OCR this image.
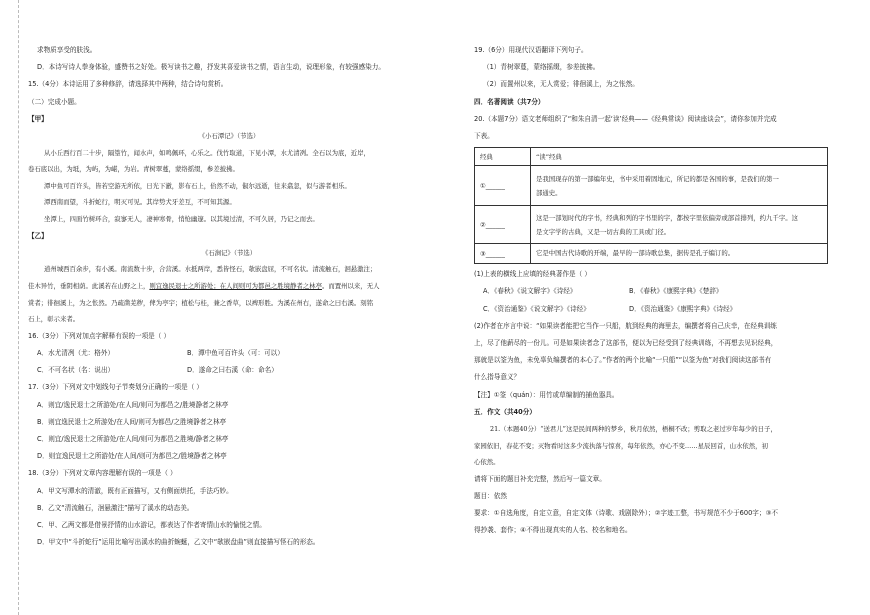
求物质享受的肤浅。
D．本诗写诗人拳身体验，盛赞书之好处。极写读书之趣，抒发其喜爱读书之情，语言生动，说理形象，有较强感染力。
15.（4分）本诗运用了多种修辞，请选择其中两种，结合诗句赏析。
（二）完成小题。
【甲】
《小石潭记》（节选）
从小丘西行百二十步，隔篁竹，闻水声，如鸣佩环，心乐之。伐竹取道，下见小潭，水尤清冽。全石以为底，近岸，
卷石底以出，为坻，为屿，为嵁，为岩。青树翠蔓，蒙络摇缀，参差披拂。
潭中鱼可百许头，皆若空游无所依，日光下澈，影布石上，佁然不动，俶尔远逝，往来翕忽，似与游者相乐。
潭西南而望，斗折蛇行，明灭可见。其岸势犬牙差互，不可知其源。
坐潭上，四面竹树环合，寂寥无人，凄神寒骨，悄怆幽邃。以其境过清，不可久居，乃记之而去。
【乙】
《石涧记》（节选）
道州城西百余步，有小溪。南流数十步，合营溪。水抵两岸，悉皆怪石，欹嵌盘屈，不可名状。清流触石，洄悬激注；
佳木异竹，垂阴相荫。此溪若在山野之上，则宜逸民退士之所游处；在人间则可为都邑之胜境静者之林亭。而置州以来，无人
赏者；徘徊溪上，为之怅然。乃疏凿芜秽，俾为亭宇；植松与桂，兼之香草，以裨形胜。为溪在州右，遂命之曰右溪。刻铭
石上，彰示来者。
16.（3分）下列对加点字解释有误的一项是（ ）
A．水尤清冽（尤：格外）	B．潭中鱼可百许头（可：可以）
C．不可名状（名：说出）	D．遂命之曰右溪（命：命名）
17.（3分）下列对文中划线句子节奏划分正确的一项是（ ）
A．则宜/逸民退士之所游处/在人间/则可为都邑之/胜境静者之林亭
B．则宜逸民退士之所游处/在人间/则可为都邑/之胜境静者之林亭
C．则宜/逸民退士之所游处/在人间/则可为都邑之胜境/静者之林亭
D．则宜逸民退士之所游处/在人间/则可为都邑之/胜境静者之林亭
18.（3分）下列对文章内容理解有误的一项是（ ）
A．甲文写潭水的清澈，既有正面描写，又有侧面烘托，手法巧妙。
B．乙文“清流触石，洄悬激注”描写了溪水的动态美。
C．甲、乙两文都是借景抒情的山水游记，都表达了作者寄情山水的愉悦之情。
D．甲文中“斗折蛇行”运用比喻写出溪水的曲折蜿蜒，乙文中“欹嵌盘曲”则直接描写怪石的形态。
19.（6分）用现代汉语翻译下列句子。
（1）青树翠蔓，蒙络摇缀，参差披拂。
（2）而置州以来，无人赏爱；徘徊溪上，为之怅然。
四．名著阅读（共7分）
20.（本题7分）语文老师组织了“和朱自清一起‘读’经典——《经典常谈》阅读座谈会”，请你参加并完成
下表。
经典	“读”经典
①______	是我国现存的第一部编年史，书中采用着固地元，所记的都是各国的事，是我们的第一
部通史。

②______	这是一部划时代的字书，经典和列的字书里的字，都按字里依偏旁或部首排列，约九千字。这
是文字学的古典，又是一切古典的工具或门径。

③______	它是中国古代诗歌的开端，最早的一部诗歌总集，据传是孔子编订的。
(1)上表的横线上应填的经典著作是（ ）
A．《春秋》《说文解字》《诗经》	B．《春秋》《康熙字典》《楚辞》
C．《资治通鉴》《说文解字》《诗经》	D．《资治通鉴》《康熙字典》《诗经》
(2)作者在序言中说：“如果读者能把它当作一只船，航到经典的海里去，编撰者将自己庆幸，在经典训练
上，尽了他薪尽的一份儿。可是如果读者念了这部书，便以为已经受到了经典训练，不再想去见识经典，
那就是以筌为鱼，未免辜负编撰者的本心了。”作者的两个比喻“一只船”“以筌为鱼”对我们阅读这部书有
什么指导意义？
【注】①筌（quán）：用竹或草编制的捕鱼器具。
五．作文（共40分）
21.（本题40分）“送君儿”这是民间两种的梦乡，秋月依然，梧桐不改；剪取之老过岁年每少的日子，
家园依旧，春花不变；灭物看时这多少流执落与惊喜，每年依然，亦心不变……星辰回首，山水依然，初
心依然。
请将下面的题目补充完整，然后写一篇文章。
题目：依然
要求：①自选角度，自定立意，自定文体（诗歌、戏剧除外）；②字迹工整，书写规范不少于600字；③不
得抄袭、套作；④不得出现真实的人名、校名和地名。
